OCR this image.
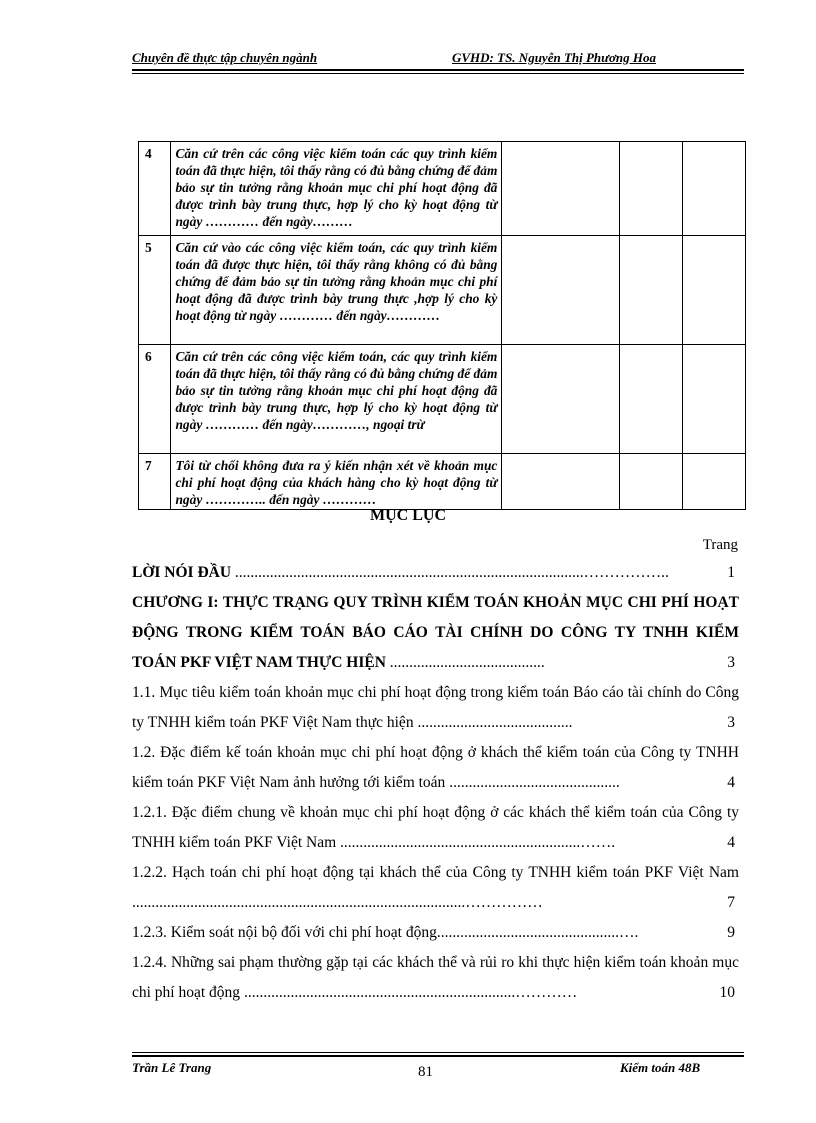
Chuyên đề thực tập chuyên ngành	GVHD: TS. Nguyễn Thị Phương Hoa
4	Căn cứ trên các công việc kiểm toán các quy trình kiểm toán đã thực hiện, tôi thấy rằng có đủ bằng chứng để đảm bảo sự tin tưởng rằng khoản mục chi phí hoạt động đã được trình bày trung thực, hợp lý cho kỳ hoạt động từ ngày ………… đến ngày………			
5	Căn cứ vào các công việc kiểm toán, các quy trình kiểm toán đã được thực hiện, tôi thấy rằng không có đủ bằng chứng để đảm bảo sự tin tưởng rằng khoản mục chi phí hoạt động đã được trình bày trung thực ,hợp lý cho kỳ hoạt động từ ngày ………… đến ngày…………			
6	Căn cứ trên các công việc kiểm toán, các quy trình kiểm toán đã thực hiện, tôi thấy rằng có đủ bằng chứng để đảm bảo sự tin tưởng rằng khoản mục chi phí hoạt động đã được trình bày trung thực, hợp lý cho kỳ hoạt động từ ngày ………… đến ngày…………, ngoại trừ			
7	Tôi từ chối không đưa ra ý kiến nhận xét về khoản mục chi phí hoạt động của khách hàng cho kỳ hoạt động từ ngày ………….. đến ngày …………			
MỤC LỤC
Trang
LỜI NÓI ĐẦU ..........................................................................................……………..	1
CHƯƠNG I: THỰC TRẠNG QUY TRÌNH KIỂM TOÁN KHOẢN MỤC CHI PHÍ HOẠT ĐỘNG TRONG KIỂM TOÁN BÁO CÁO TÀI CHÍNH DO CÔNG TY TNHH KIỂM TOÁN PKF VIỆT NAM THỰC HIỆN ........................................	3
1.1. Mục tiêu kiểm toán khoản mục chi phí hoạt động trong kiểm toán Báo cáo tài chính do Công ty TNHH kiểm toán PKF Việt Nam thực hiện ........................................	3
1.2. Đặc điểm kế toán khoản mục chi phí hoạt động ở khách thể kiểm toán của Công ty TNHH kiểm toán PKF Việt Nam ảnh hưởng tới kiểm toán ............................................	4
1.2.1. Đặc điểm chung về khoản mục chi phí hoạt động ở các khách thể kiểm toán của Công ty TNHH kiểm toán PKF Việt Nam ..............................................................…….	4
1.2.2. Hạch toán chi phí hoạt động tại khách thể của Công ty TNHH kiểm toán PKF Việt Nam ......................................................................................……………	7
1.2.3. Kiểm soát nội bộ đối với chi phí hoạt động...............................................….	9
1.2.4. Những sai phạm thường gặp tại các khách thể và rủi ro khi thực hiện kiểm toán khoản mục chi phí hoạt động ......................................................................…………	10
Trần Lê Trang	81	Kiểm toán 48B
